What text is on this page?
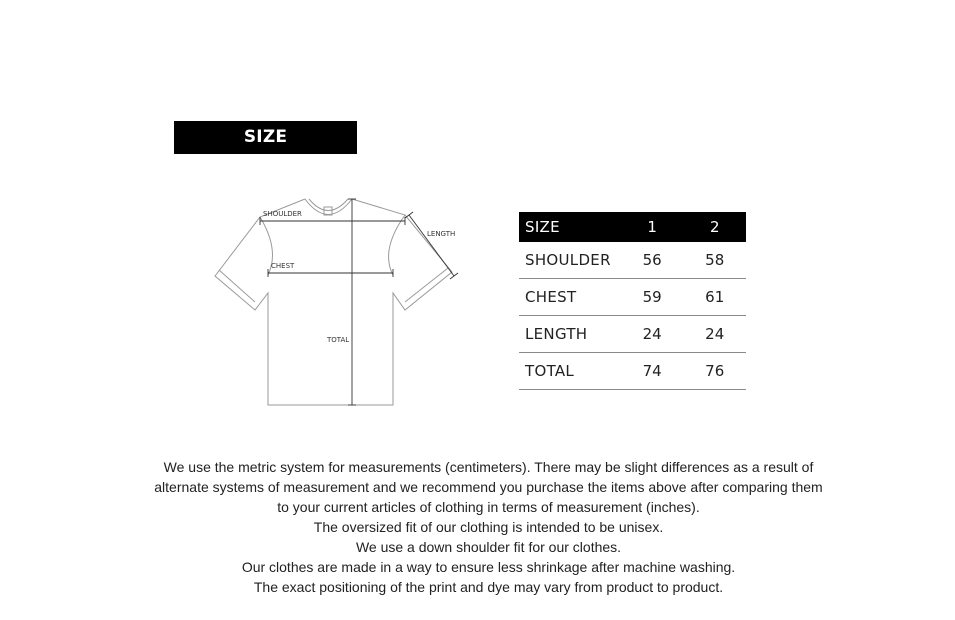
SIZE INFORMATION
SHOULDER
CHEST
LENGTH
TOTAL
SIZE	1	2
SHOULDER	56	58
CHEST	59	61
LENGTH	24	24
TOTAL	74	76

We use the metric system for measurements (centimeters). There may be slight differences as a result of alternate systems of measurement and we recommend you purchase the items above after comparing them to your current articles of clothing in terms of measurement (inches).

The oversized fit of our clothing is intended to be unisex.

We use a down shoulder fit for our clothes.

Our clothes are made in a way to ensure less shrinkage after machine washing.

The exact positioning of the print and dye may vary from product to product.
